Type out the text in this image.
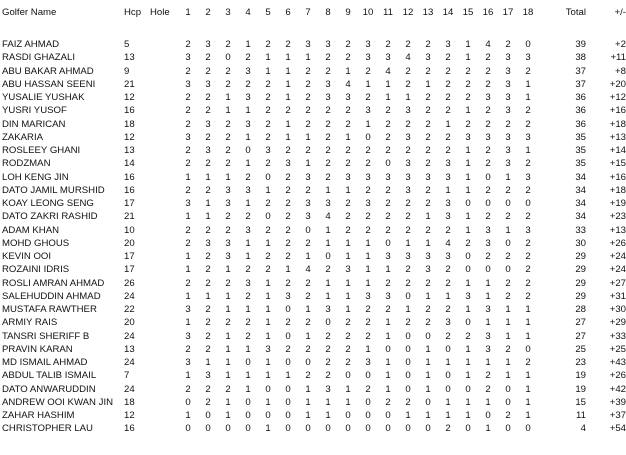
Golfer Name	Hcp	Hole	1	2	3	4	5	6	7	8	9	10	11	12	13	14	15	16	17	18		Total	+/-

FAIZ AHMAD	5		2	3	2	1	2	2	3	3	2	3	2	2	2	3	1	4	2	0		39	+2
RASDI GHAZALI	13		3	2	0	2	1	1	1	2	2	3	3	4	3	2	1	2	3	3		38	+11
ABU BAKAR AHMAD	9		2	2	2	3	1	1	2	2	1	2	4	2	2	2	2	2	3	2		37	+8
ABU HASSAN SEENI	21		3	3	2	2	2	1	2	3	4	1	1	2	1	2	2	2	3	1		37	+20
YUSALIE YUSHAK	12		2	2	1	3	2	1	2	3	3	2	1	1	2	2	2	3	3	1		36	+12
YUSRI YUSOF	16		2	2	1	1	2	2	2	2	2	3	2	3	2	2	1	2	3	2		36	+16
DIN MARICAN	18		2	3	2	3	2	1	2	2	2	1	2	2	2	1	2	2	2	2		36	+18
ZAKARIA	12		3	2	2	1	2	1	1	2	1	0	2	3	2	2	3	3	3	3		35	+13
ROSLEEY GHANI	13		2	3	2	0	3	2	2	2	2	2	2	2	2	2	1	2	3	1		35	+14
RODZMAN	14		2	2	2	1	2	3	1	2	2	2	0	3	2	3	1	2	3	2		35	+15
LOH KENG JIN	16		1	1	1	2	0	2	3	2	3	3	3	3	3	3	1	0	1	3		34	+16
DATO JAMIL MURSHID	16		2	2	3	3	1	2	2	1	1	2	2	3	2	1	1	2	2	2		34	+18
KOAY LEONG SENG	17		3	1	3	1	2	2	3	3	2	3	2	2	2	3	0	0	0	0		34	+19
DATO ZAKRI RASHID	21		1	1	2	2	0	2	3	4	2	2	2	2	1	3	1	2	2	2		34	+23
ADAM KHAN	10		2	2	2	3	2	2	0	1	2	2	2	2	2	2	1	3	1	3		33	+13
MOHD GHOUS	20		2	3	3	1	1	2	2	1	1	1	0	1	1	4	2	3	0	2		30	+26
KEVIN OOI	17		1	2	3	1	2	2	1	0	1	1	3	3	3	3	0	2	2	2		29	+24
ROZAINI IDRIS	17		1	2	1	2	2	1	4	2	3	1	1	2	3	2	0	0	0	2		29	+24
ROSLI AMRAN AHMAD	26		2	2	2	3	1	2	2	1	1	1	2	2	2	2	1	1	2	2		29	+27
SALEHUDDIN AHMAD	24		1	1	1	2	1	3	2	1	1	3	3	0	1	1	3	1	2	2		29	+31
MUSTAFA RAWTHER	22		3	2	1	1	1	0	1	3	1	2	2	1	2	2	1	3	1	1		28	+30
ARMIY RAIS	20		1	2	2	2	1	2	2	0	2	2	1	2	2	3	0	1	1	1		27	+29
TANSRI SHERIFF B	24		3	2	1	2	1	0	1	2	2	2	1	0	0	2	2	3	1	1		27	+33
PRAVIN KARAN	13		2	2	1	1	3	2	2	2	2	1	0	0	1	0	1	3	2	0		25	+25
MD ISMAIL AHMAD	24		3	1	1	0	1	0	0	2	2	3	1	0	1	1	1	1	1	2		23	+43
ABDUL TALIB ISMAIL	7		1	3	1	1	1	1	2	2	0	0	1	0	1	0	1	2	1	1		19	+26
DATO ANWARUDDIN	24		2	2	2	1	0	0	1	3	1	2	1	0	1	0	0	2	0	1		19	+42
ANDREW OOI KWAN JIN	18		0	2	1	0	1	0	1	1	1	0	2	2	0	1	1	1	0	1		15	+39
ZAHAR HASHIM	12		1	0	1	0	0	0	1	1	0	0	0	1	1	1	1	0	2	1		11	+37
CHRISTOPHER LAU	16		0	0	0	0	1	0	0	0	0	0	0	0	0	2	0	1	0	0		4	+54
